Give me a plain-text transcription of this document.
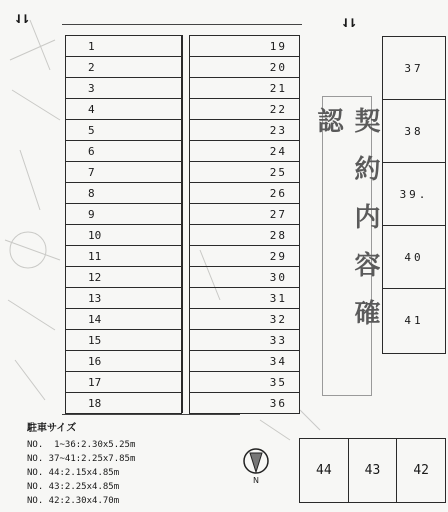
⇃⇂	⇃⇂
1
2
3
4
5
6
7
8
9
10
11
12
13
14
15
16
17
18
19
20
21
22
23
24
25
26
27
28
29
30
31
32
33
34
35
36
契約内容確認
37
38
39.
40
41
駐車サイズ
NO.  1~36:2.30x5.25m
NO. 37~41:2.25x7.85m
NO. 44:2.15x4.85m
NO. 43:2.25x4.85m
NO. 42:2.30x4.70m
N
44	43	42
